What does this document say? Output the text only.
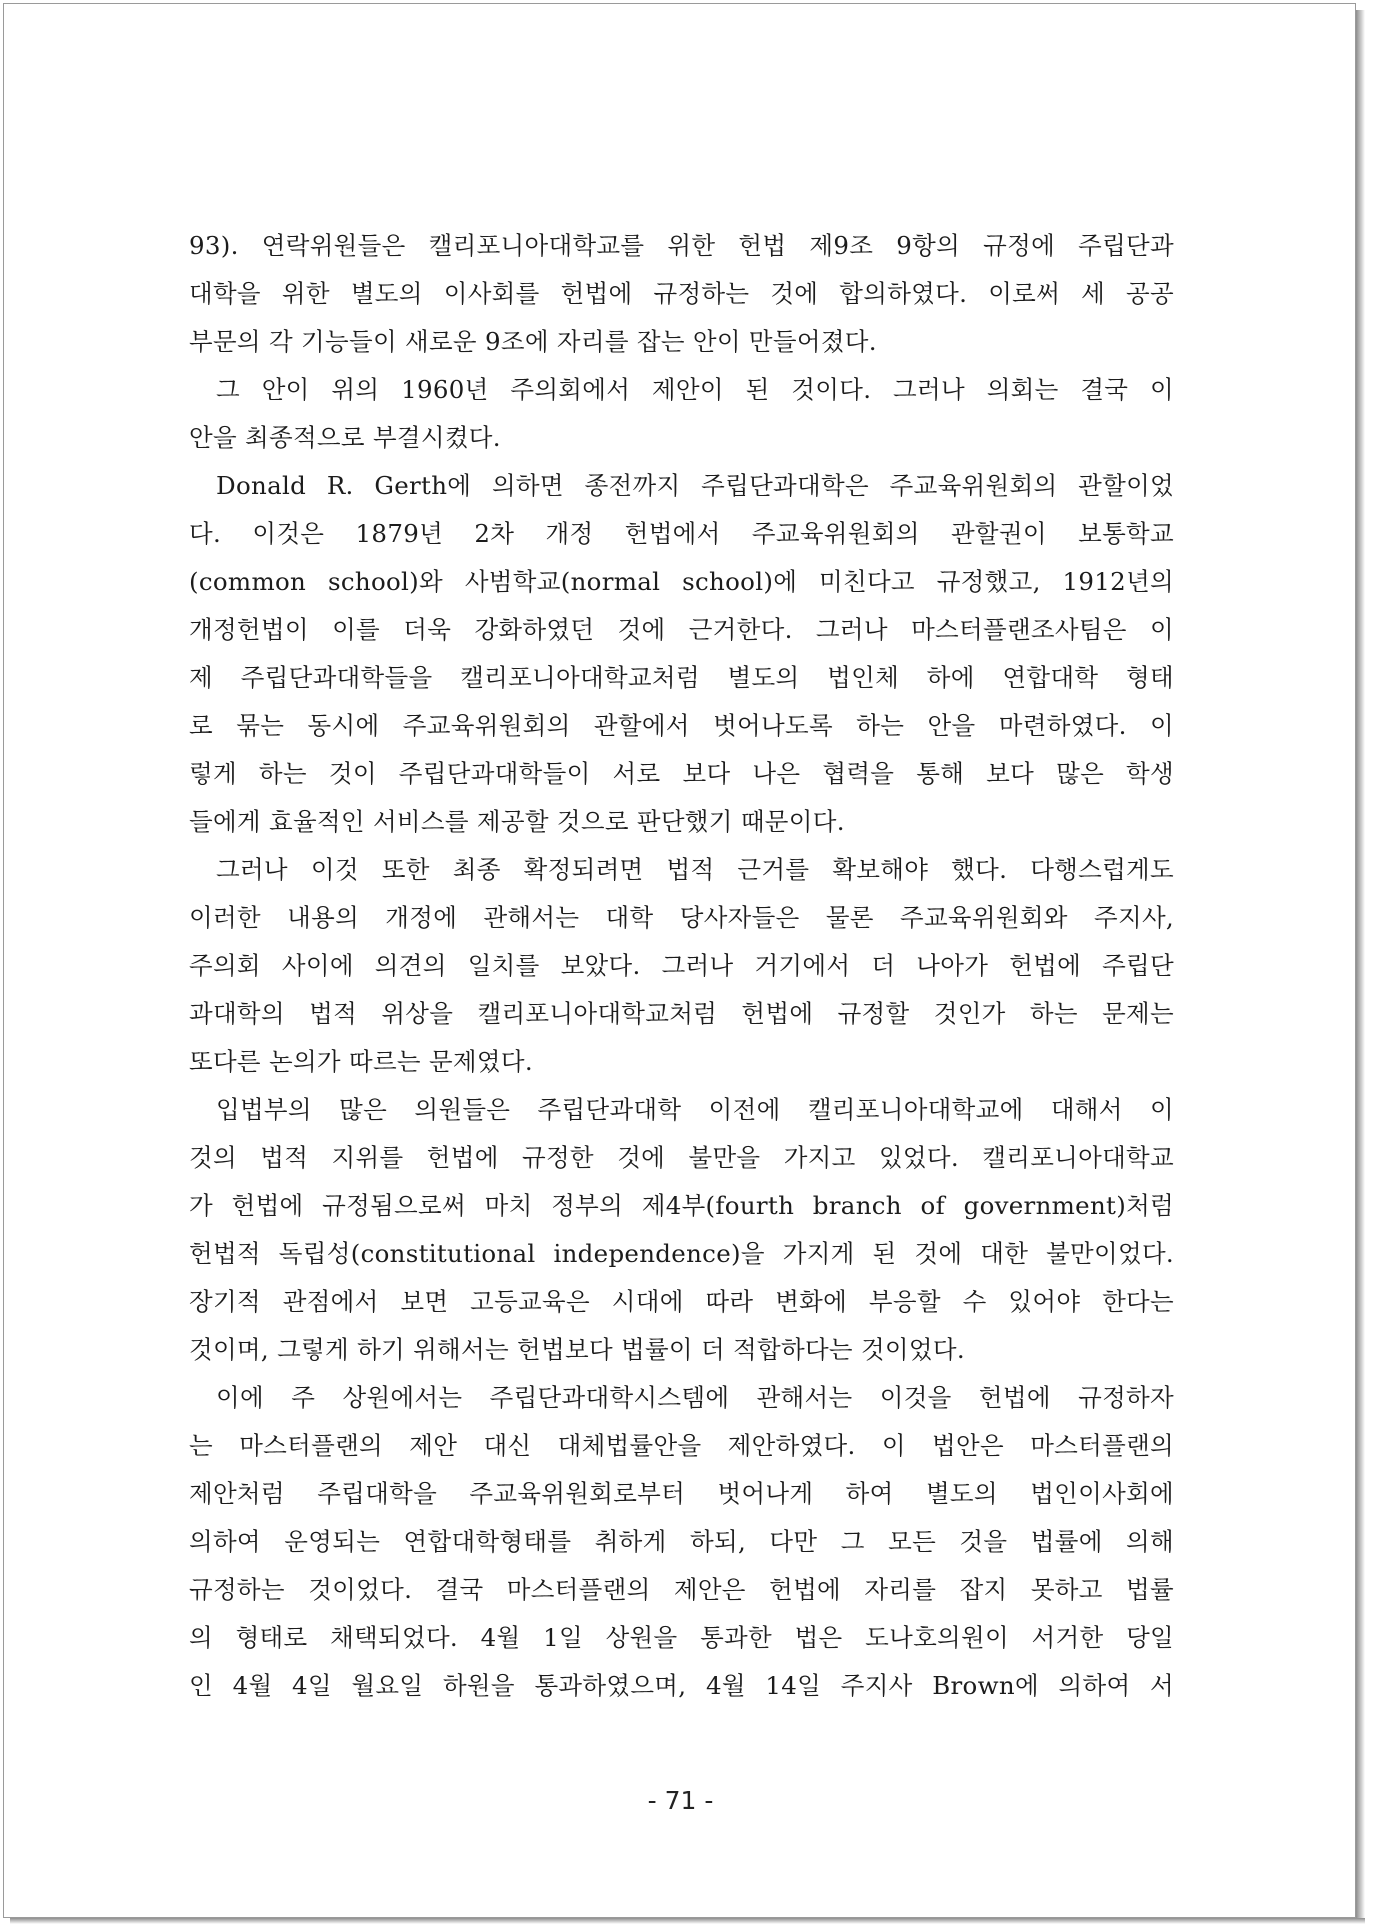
93). 연락위원들은 캘리포니아대학교를 위한 헌법 제9조 9항의 규정에 주립단과
대학을 위한 별도의 이사회를 헌법에 규정하는 것에 합의하였다. 이로써 세 공공
부문의 각 기능들이 새로운 9조에 자리를 잡는 안이 만들어졌다.
그 안이 위의 1960년 주의회에서 제안이 된 것이다. 그러나 의회는 결국 이
안을 최종적으로 부결시켰다.
Donald R. Gerth에 의하면 종전까지 주립단과대학은 주교육위원회의 관할이었
다. 이것은 1879년 2차 개정 헌법에서 주교육위원회의 관할권이 보통학교
(common school)와 사범학교(normal school)에 미친다고 규정했고, 1912년의
개정헌법이 이를 더욱 강화하였던 것에 근거한다. 그러나 마스터플랜조사팀은 이
제 주립단과대학들을 캘리포니아대학교처럼 별도의 법인체 하에 연합대학 형태
로 묶는 동시에 주교육위원회의 관할에서 벗어나도록 하는 안을 마련하였다. 이
렇게 하는 것이 주립단과대학들이 서로 보다 나은 협력을 통해 보다 많은 학생
들에게 효율적인 서비스를 제공할 것으로 판단했기 때문이다.
그러나 이것 또한 최종 확정되려면 법적 근거를 확보해야 했다. 다행스럽게도
이러한 내용의 개정에 관해서는 대학 당사자들은 물론 주교육위원회와 주지사,
주의회 사이에 의견의 일치를 보았다. 그러나 거기에서 더 나아가 헌법에 주립단
과대학의 법적 위상을 캘리포니아대학교처럼 헌법에 규정할 것인가 하는 문제는
또다른 논의가 따르는 문제였다.
입법부의 많은 의원들은 주립단과대학 이전에 캘리포니아대학교에 대해서 이
것의 법적 지위를 헌법에 규정한 것에 불만을 가지고 있었다. 캘리포니아대학교
가 헌법에 규정됨으로써 마치 정부의 제4부(fourth branch of government)처럼
헌법적 독립성(constitutional independence)을 가지게 된 것에 대한 불만이었다.
장기적 관점에서 보면 고등교육은 시대에 따라 변화에 부응할 수 있어야 한다는
것이며, 그렇게 하기 위해서는 헌법보다 법률이 더 적합하다는 것이었다.
이에 주 상원에서는 주립단과대학시스템에 관해서는 이것을 헌법에 규정하자
는 마스터플랜의 제안 대신 대체법률안을 제안하였다. 이 법안은 마스터플랜의
제안처럼 주립대학을 주교육위원회로부터 벗어나게 하여 별도의 법인이사회에
의하여 운영되는 연합대학형태를 취하게 하되, 다만 그 모든 것을 법률에 의해
규정하는 것이었다. 결국 마스터플랜의 제안은 헌법에 자리를 잡지 못하고 법률
의 형태로 채택되었다. 4월 1일 상원을 통과한 법은 도나호의원이 서거한 당일
인 4월 4일 월요일 하원을 통과하였으며, 4월 14일 주지사 Brown에 의하여 서
- 71 -
